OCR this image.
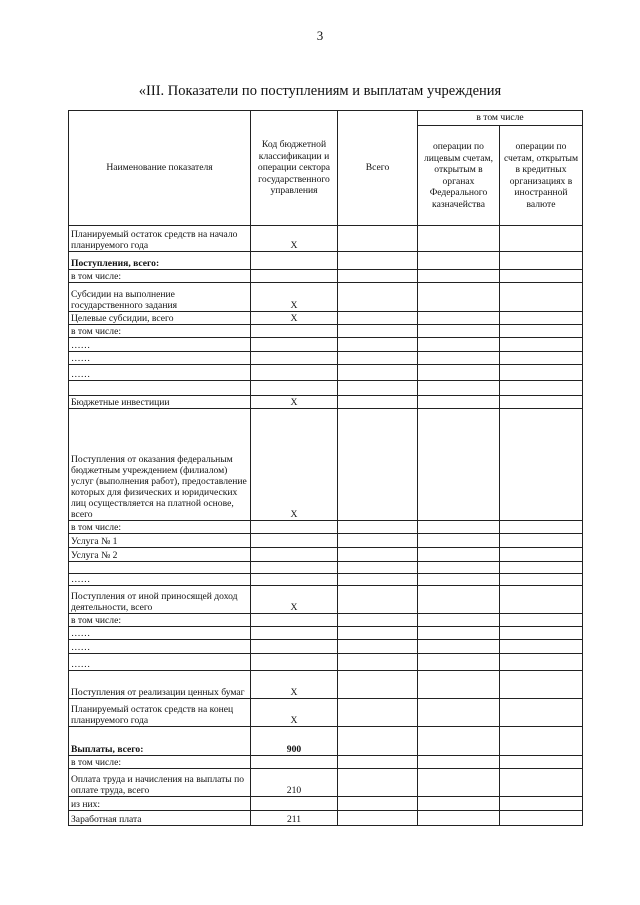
3
«III. Показатели по поступлениям и выплатам учреждения
Наименование показателя	Код бюджетной классификации и операции сектора государственного управления	Всего	в том числе	
			операции по лицевым счетам, открытым в органах Федерального казначейства	операции по счетам, открытым в кредитных организациях в иностранной валюте
Планируемый остаток средств на начало планируемого года	X			
Поступления, всего:				
в том числе:				
Субсидии на выполнение государственного задания	X			
Целевые субсидии, всего	X			
в том числе:				
……				
……				
……				

Бюджетные инвестиции	X			
Поступления от оказания федеральным бюджетным учреждением (филиалом) услуг (выполнения работ), предоставление которых для физических и юридических лиц осуществляется на платной основе, всего	X			
в том числе:				
Услуга № 1				
Услуга № 2				

……				
Поступления от иной приносящей доход деятельности, всего	X			
в том числе:				
……				
……				
……				
Поступления от реализации ценных бумаг	X			
Планируемый остаток средств на конец планируемого года	X			
Выплаты, всего:	900			
в том числе:				
Оплата труда и начисления на выплаты по оплате труда, всего	210			
из них:				
Заработная плата	211			
